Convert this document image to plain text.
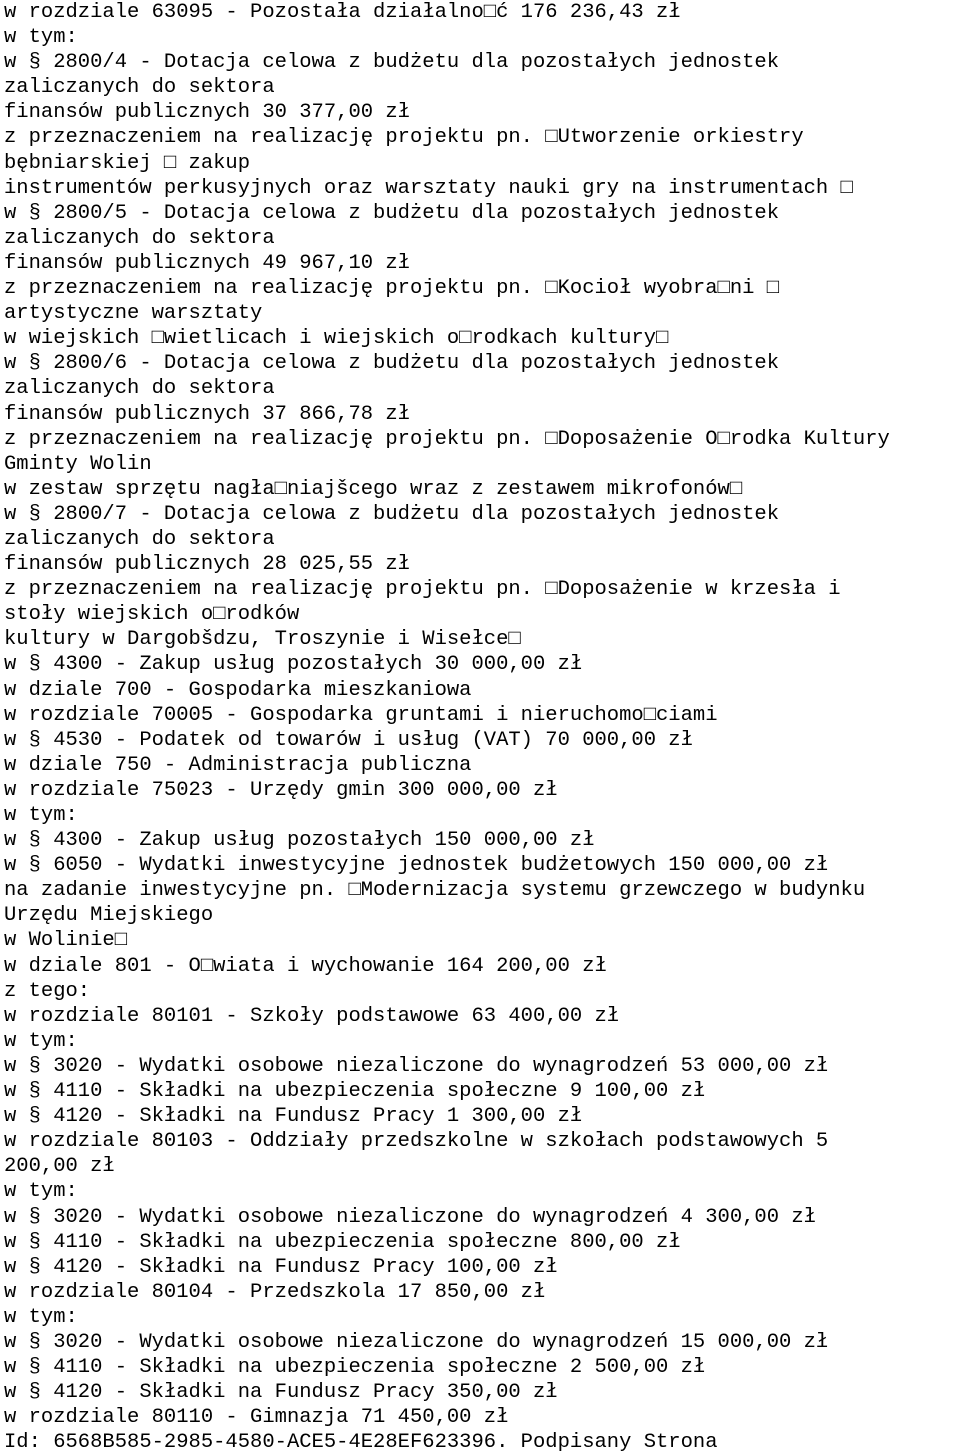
w rozdziale 63095 - Pozostała działalno□ć 176 236,43 zł
w tym:
w § 2800/4 - Dotacja celowa z budżetu dla pozostałych jednostek
zaliczanych do sektora
finansów publicznych 30 377,00 zł
z przeznaczeniem na realizację projektu pn. □Utworzenie orkiestry
bębniarskiej □ zakup
instrumentów perkusyjnych oraz warsztaty nauki gry na instrumentach □
w § 2800/5 - Dotacja celowa z budżetu dla pozostałych jednostek
zaliczanych do sektora
finansów publicznych 49 967,10 zł
z przeznaczeniem na realizację projektu pn. □Kocioł wyobra□ni □
artystyczne warsztaty
w wiejskich □wietlicach i wiejskich o□rodkach kultury□
w § 2800/6 - Dotacja celowa z budżetu dla pozostałych jednostek
zaliczanych do sektora
finansów publicznych 37 866,78 zł
z przeznaczeniem na realizację projektu pn. □Doposażenie O□rodka Kultury
Gminty Wolin
w zestaw sprzętu nagła□niajšcego wraz z zestawem mikrofonów□
w § 2800/7 - Dotacja celowa z budżetu dla pozostałych jednostek
zaliczanych do sektora
finansów publicznych 28 025,55 zł
z przeznaczeniem na realizację projektu pn. □Doposażenie w krzesła i
stoły wiejskich o□rodków
kultury w Dargobšdzu, Troszynie i Wisełce□
w § 4300 - Zakup usług pozostałych 30 000,00 zł
w dziale 700 - Gospodarka mieszkaniowa
w rozdziale 70005 - Gospodarka gruntami i nieruchomo□ciami
w § 4530 - Podatek od towarów i usług (VAT) 70 000,00 zł
w dziale 750 - Administracja publiczna
w rozdziale 75023 - Urzędy gmin 300 000,00 zł
w tym:
w § 4300 - Zakup usług pozostałych 150 000,00 zł
w § 6050 - Wydatki inwestycyjne jednostek budżetowych 150 000,00 zł
na zadanie inwestycyjne pn. □Modernizacja systemu grzewczego w budynku
Urzędu Miejskiego
w Wolinie□
w dziale 801 - O□wiata i wychowanie 164 200,00 zł
z tego:
w rozdziale 80101 - Szkoły podstawowe 63 400,00 zł
w tym:
w § 3020 - Wydatki osobowe niezaliczone do wynagrodzeń 53 000,00 zł
w § 4110 - Składki na ubezpieczenia społeczne 9 100,00 zł
w § 4120 - Składki na Fundusz Pracy 1 300,00 zł
w rozdziale 80103 - Oddziały przedszkolne w szkołach podstawowych 5
200,00 zł
w tym:
w § 3020 - Wydatki osobowe niezaliczone do wynagrodzeń 4 300,00 zł
w § 4110 - Składki na ubezpieczenia społeczne 800,00 zł
w § 4120 - Składki na Fundusz Pracy 100,00 zł
w rozdziale 80104 - Przedszkola 17 850,00 zł
w tym:
w § 3020 - Wydatki osobowe niezaliczone do wynagrodzeń 15 000,00 zł
w § 4110 - Składki na ubezpieczenia społeczne 2 500,00 zł
w § 4120 - Składki na Fundusz Pracy 350,00 zł
w rozdziale 80110 - Gimnazja 71 450,00 zł
Id: 6568B585-2985-4580-ACE5-4E28EF623396. Podpisany Strona
